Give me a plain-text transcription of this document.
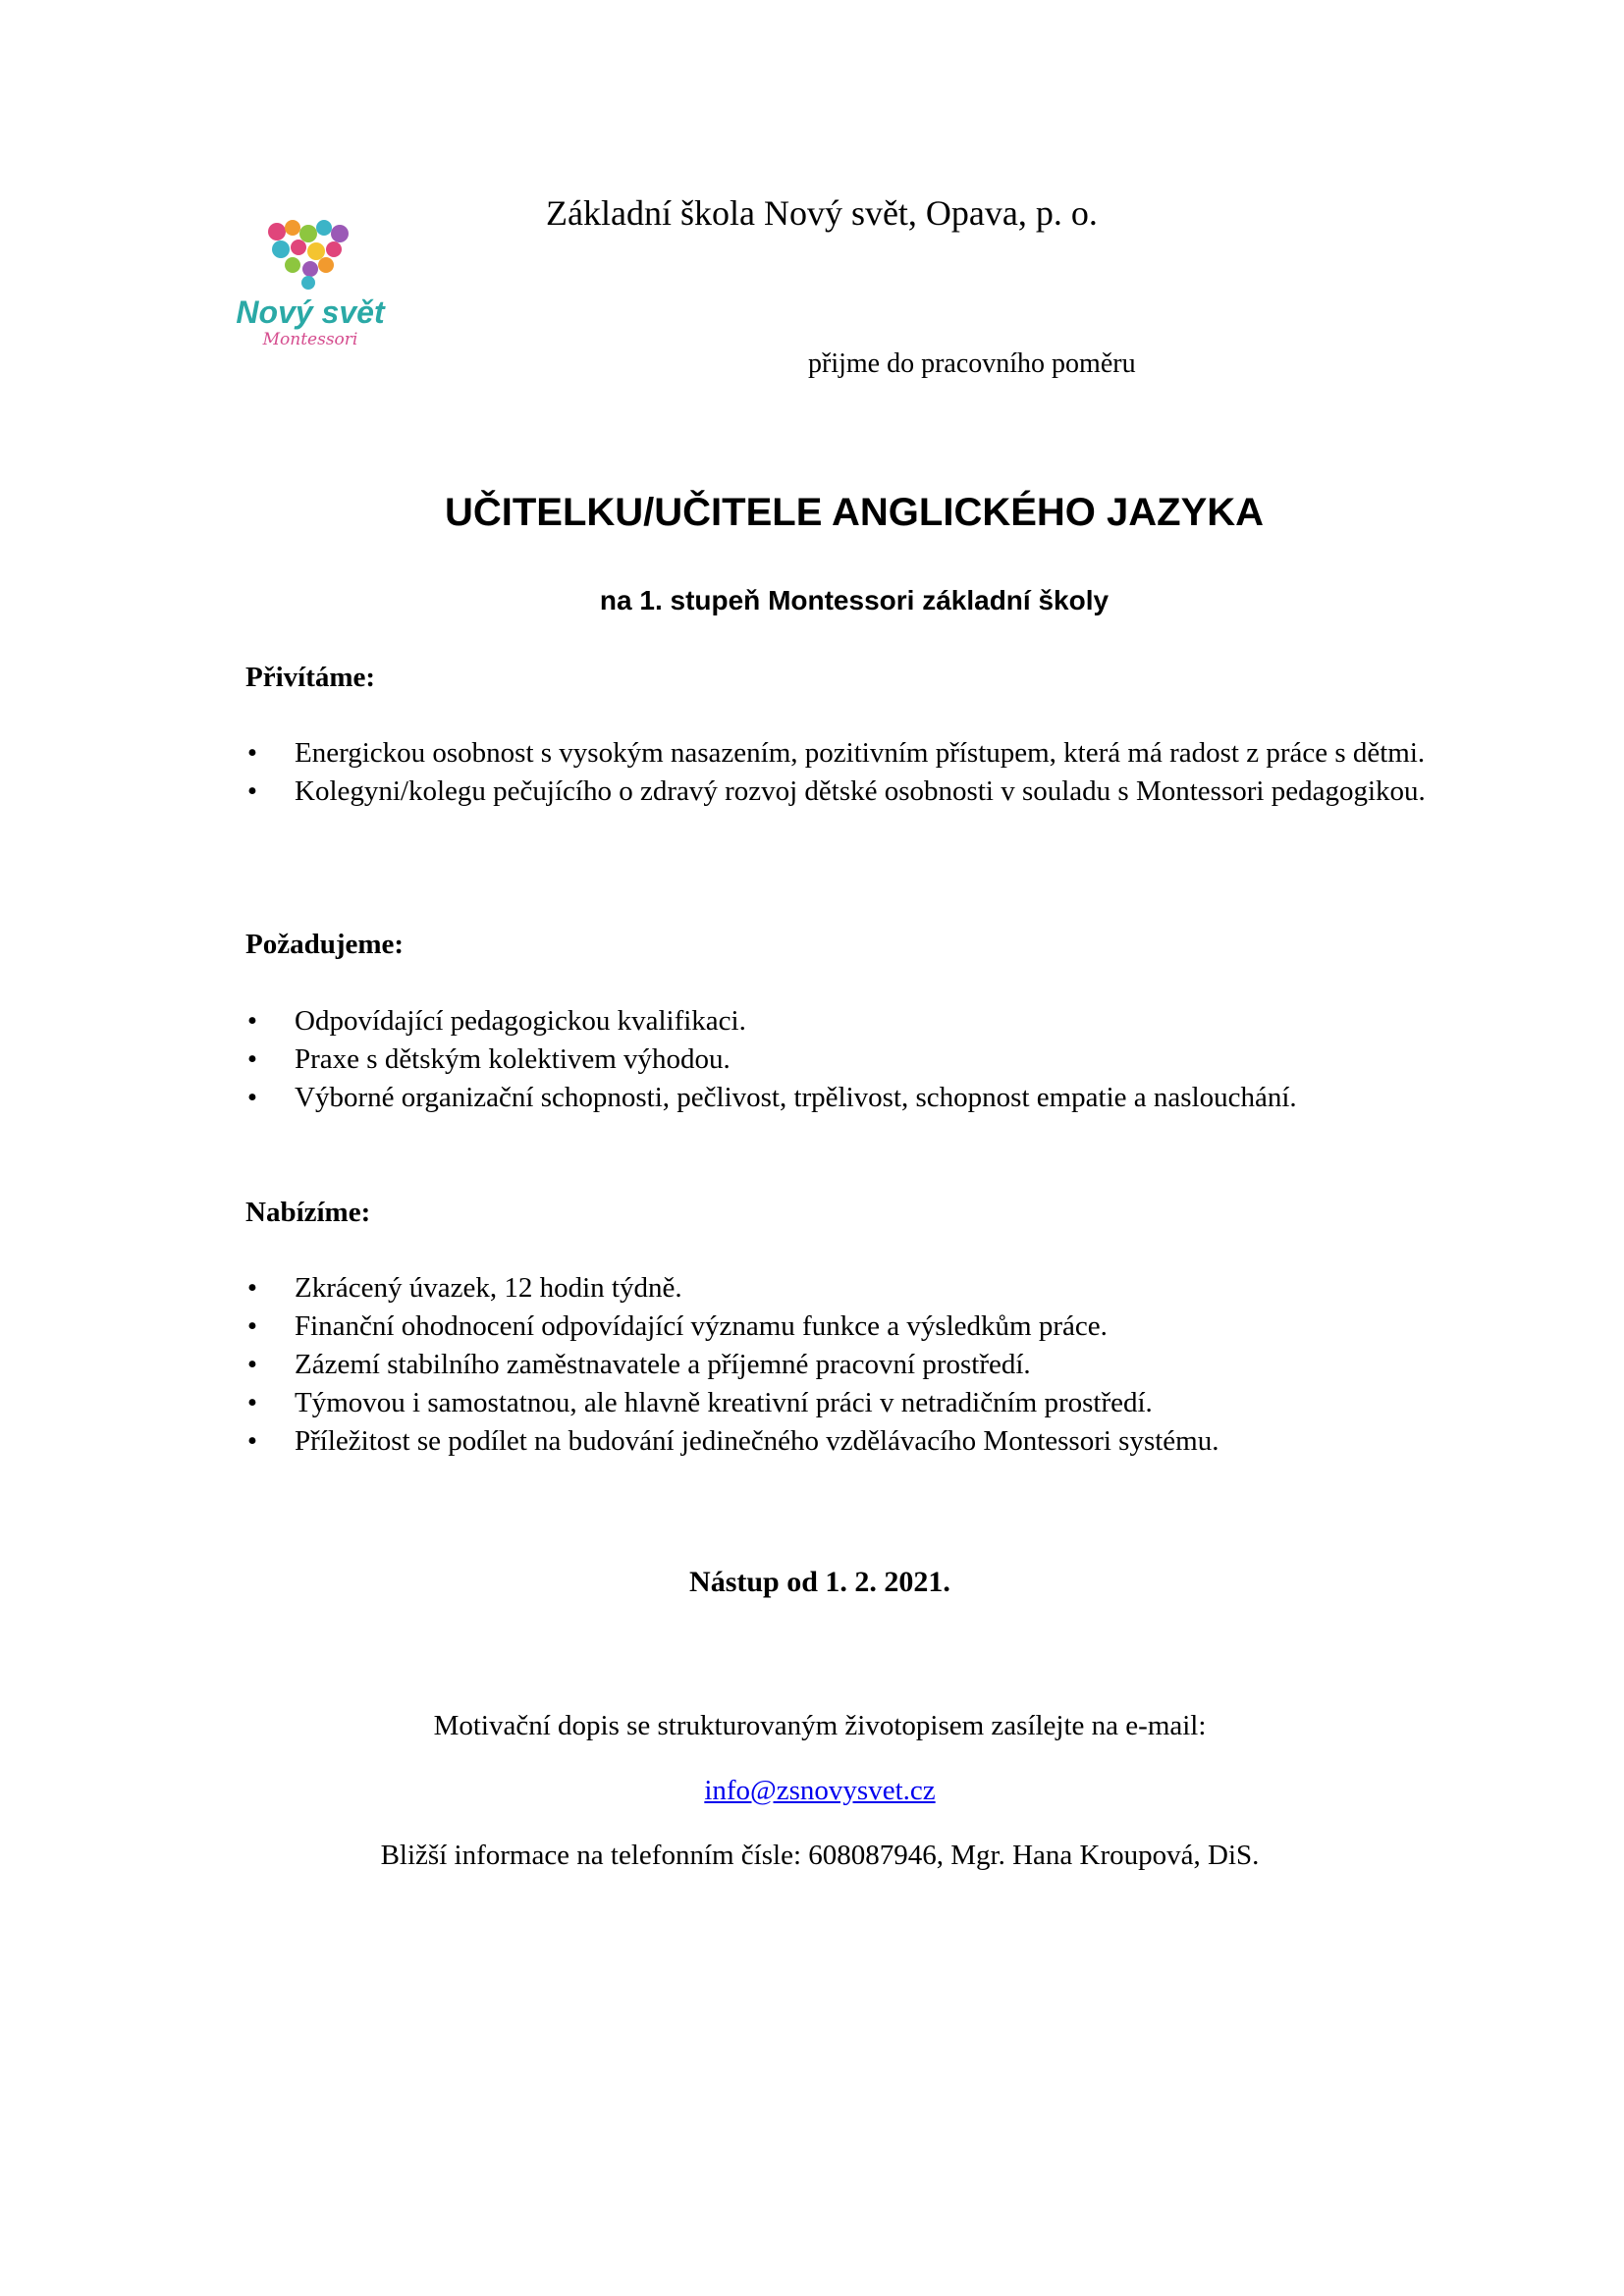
Nový svět
Montessori
Základní škola Nový svět, Opava, p. o.
přijme do pracovního poměru
UČITELKU/UČITELE ANGLICKÉHO JAZYKA
na 1. stupeň Montessori základní školy
Přivítáme:
• Energickou osobnost s vysokým nasazením, pozitivním přístupem, která má radost z práce s dětmi.
• Kolegyni/kolegu pečujícího o zdravý rozvoj dětské osobnosti v souladu s Montessori pedagogikou.
Požadujeme:
• Odpovídající pedagogickou kvalifikaci.
• Praxe s dětským kolektivem výhodou.
• Výborné organizační schopnosti, pečlivost, trpělivost, schopnost empatie a naslouchání.
Nabízíme:
• Zkrácený úvazek, 12 hodin týdně.
• Finanční ohodnocení odpovídající významu funkce a výsledkům práce.
• Zázemí stabilního zaměstnavatele a příjemné pracovní prostředí.
• Týmovou i samostatnou, ale hlavně kreativní práci v netradičním prostředí.
• Příležitost se podílet na budování jedinečného vzdělávacího Montessori systému.
Nástup od 1. 2. 2021.
Motivační dopis se strukturovaným životopisem zasílejte na e-mail:
info@zsnovysvet.cz
Bližší informace na telefonním čísle: 608087946, Mgr. Hana Kroupová, DiS.
